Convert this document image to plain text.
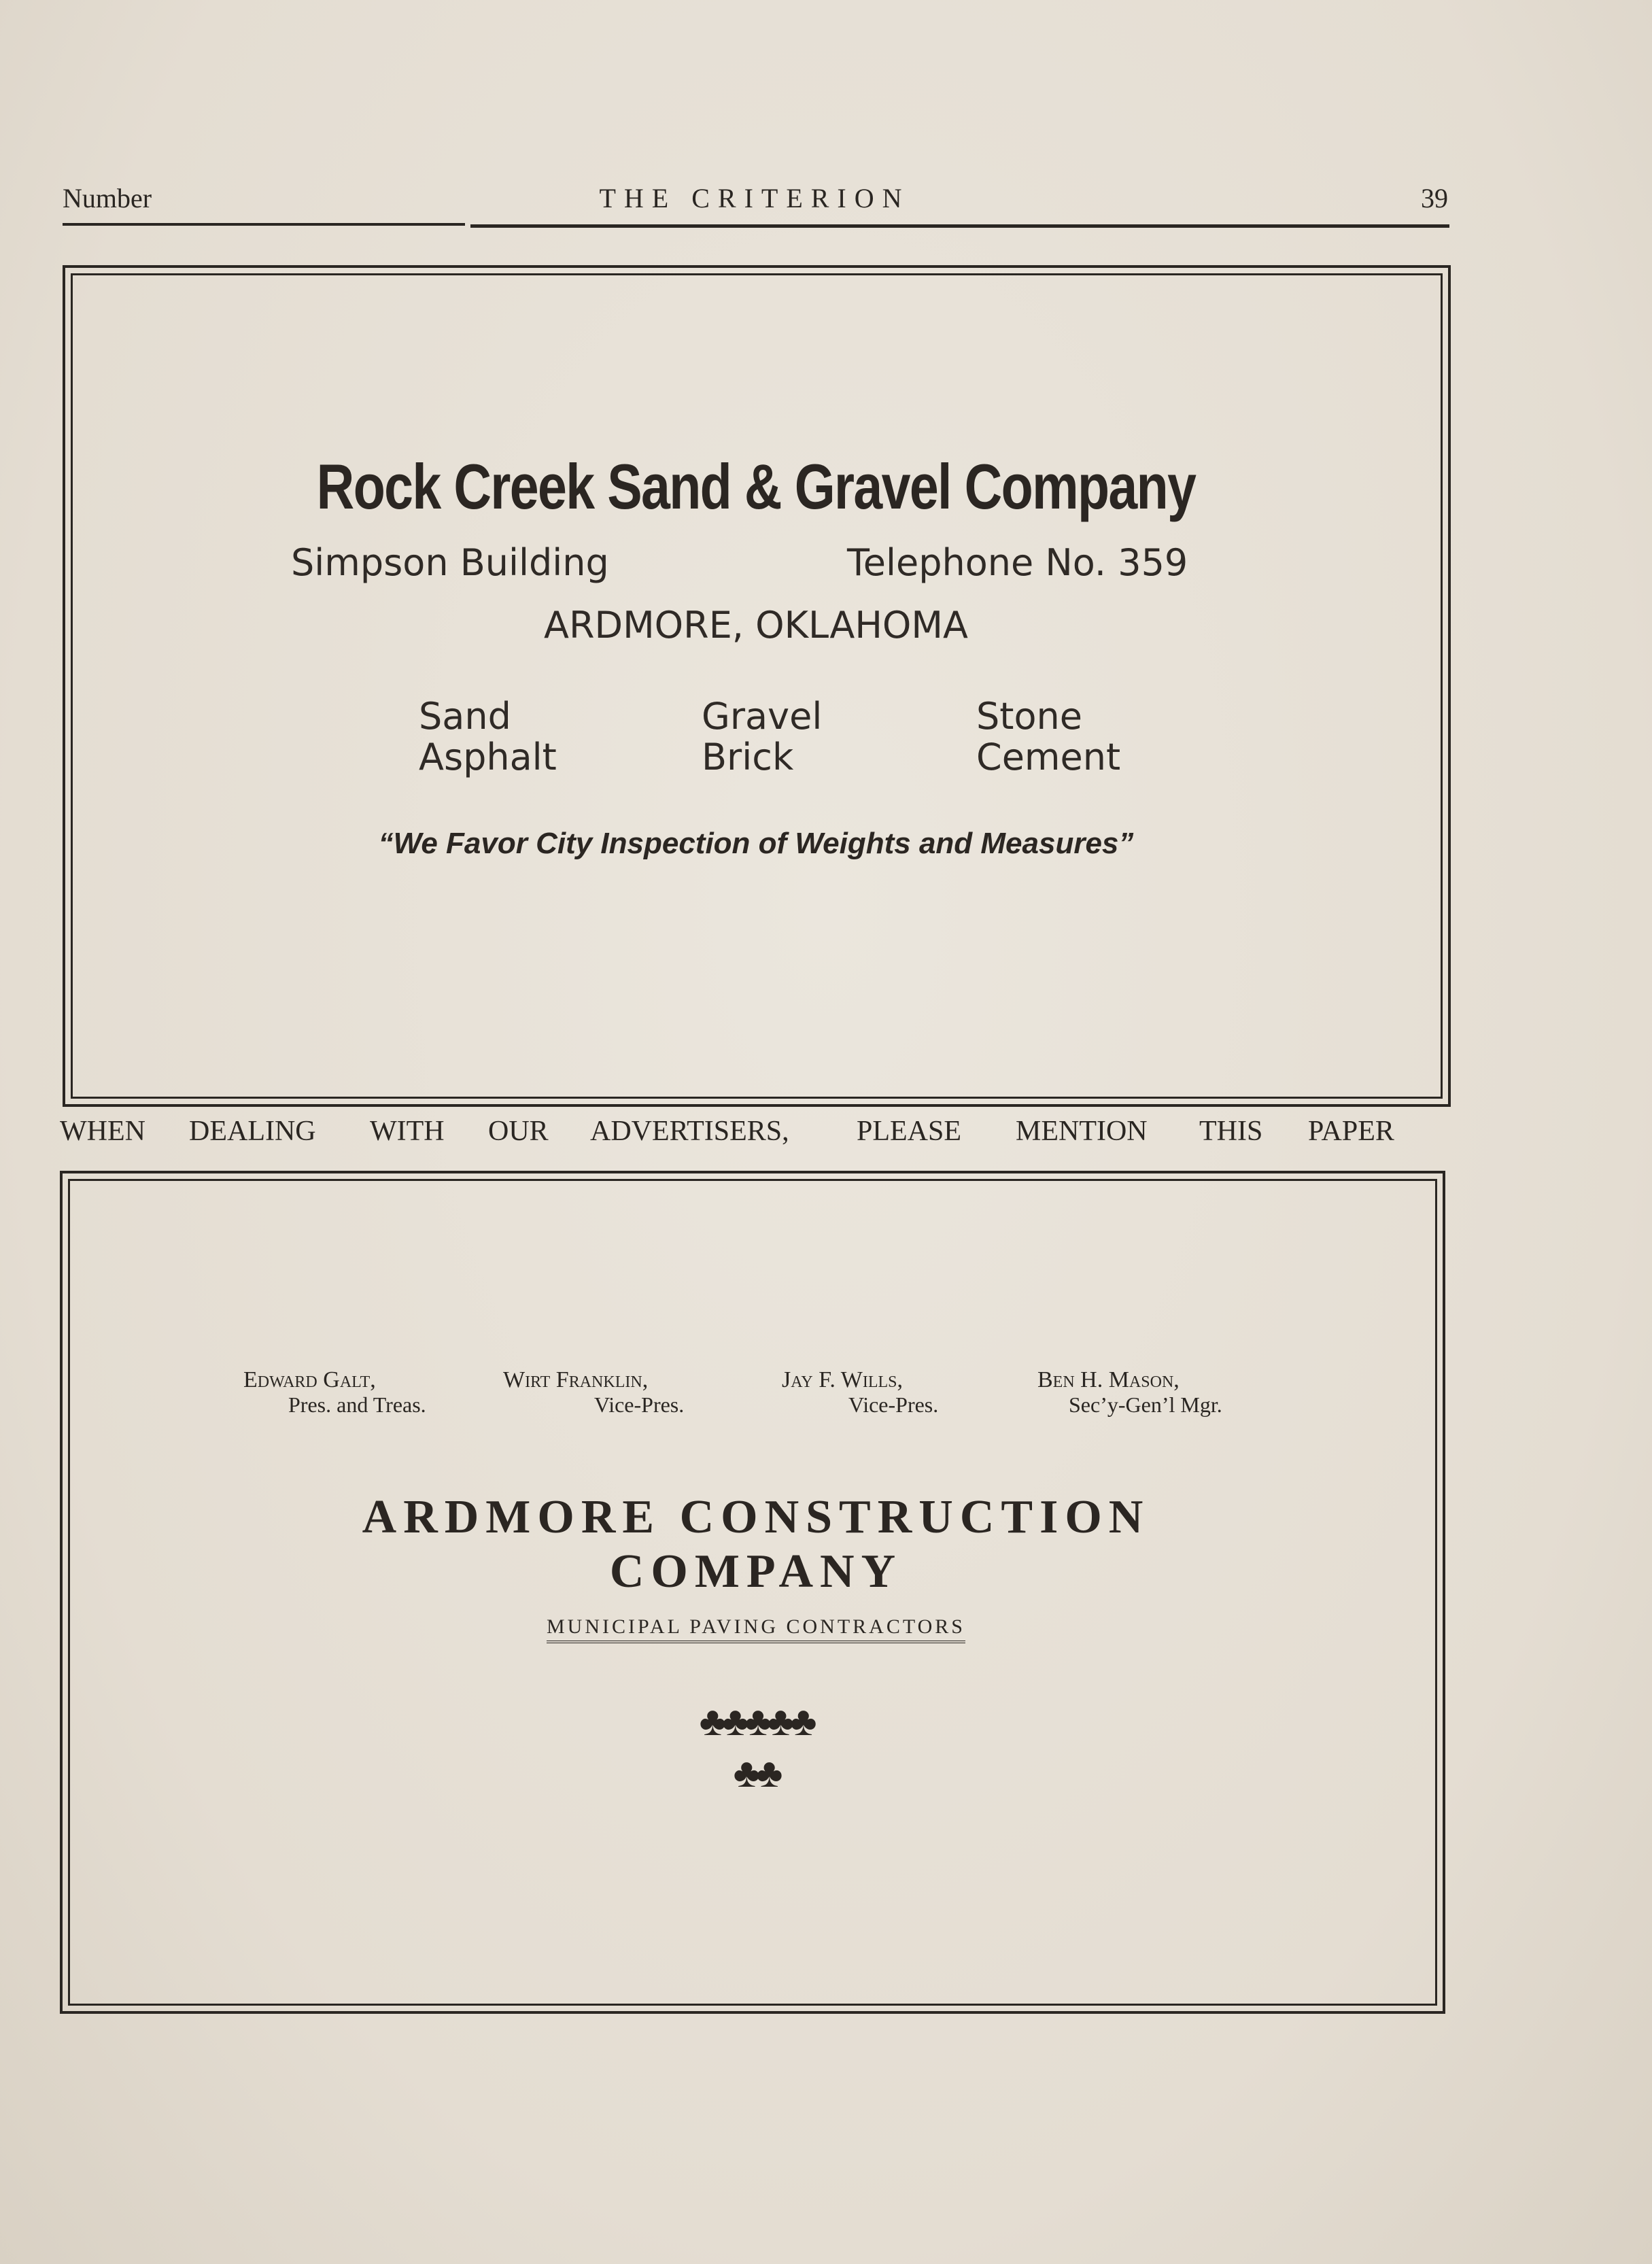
Number	THE CRITERION	39
Rock Creek Sand & Gravel Company
Simpson Building	Telephone No. 359
ARDMORE, OKLAHOMA
Sand	Gravel	Stone
Asphalt	Brick	Cement
“We Favor City Inspection of Weights and Measures”
WHEN DEALING WITH OUR ADVERTISERS, PLEASE MENTION THIS PAPER
Edward Galt,
Pres. and Treas.
Wirt Franklin,
Vice-Pres.
Jay F. Wills,
Vice-Pres.
Ben H. Mason,
Sec’y-Gen’l Mgr.
ARDMORE CONSTRUCTION
COMPANY
MUNICIPAL PAVING CONTRACTORS
♣♣♣♣♣
♣♣
